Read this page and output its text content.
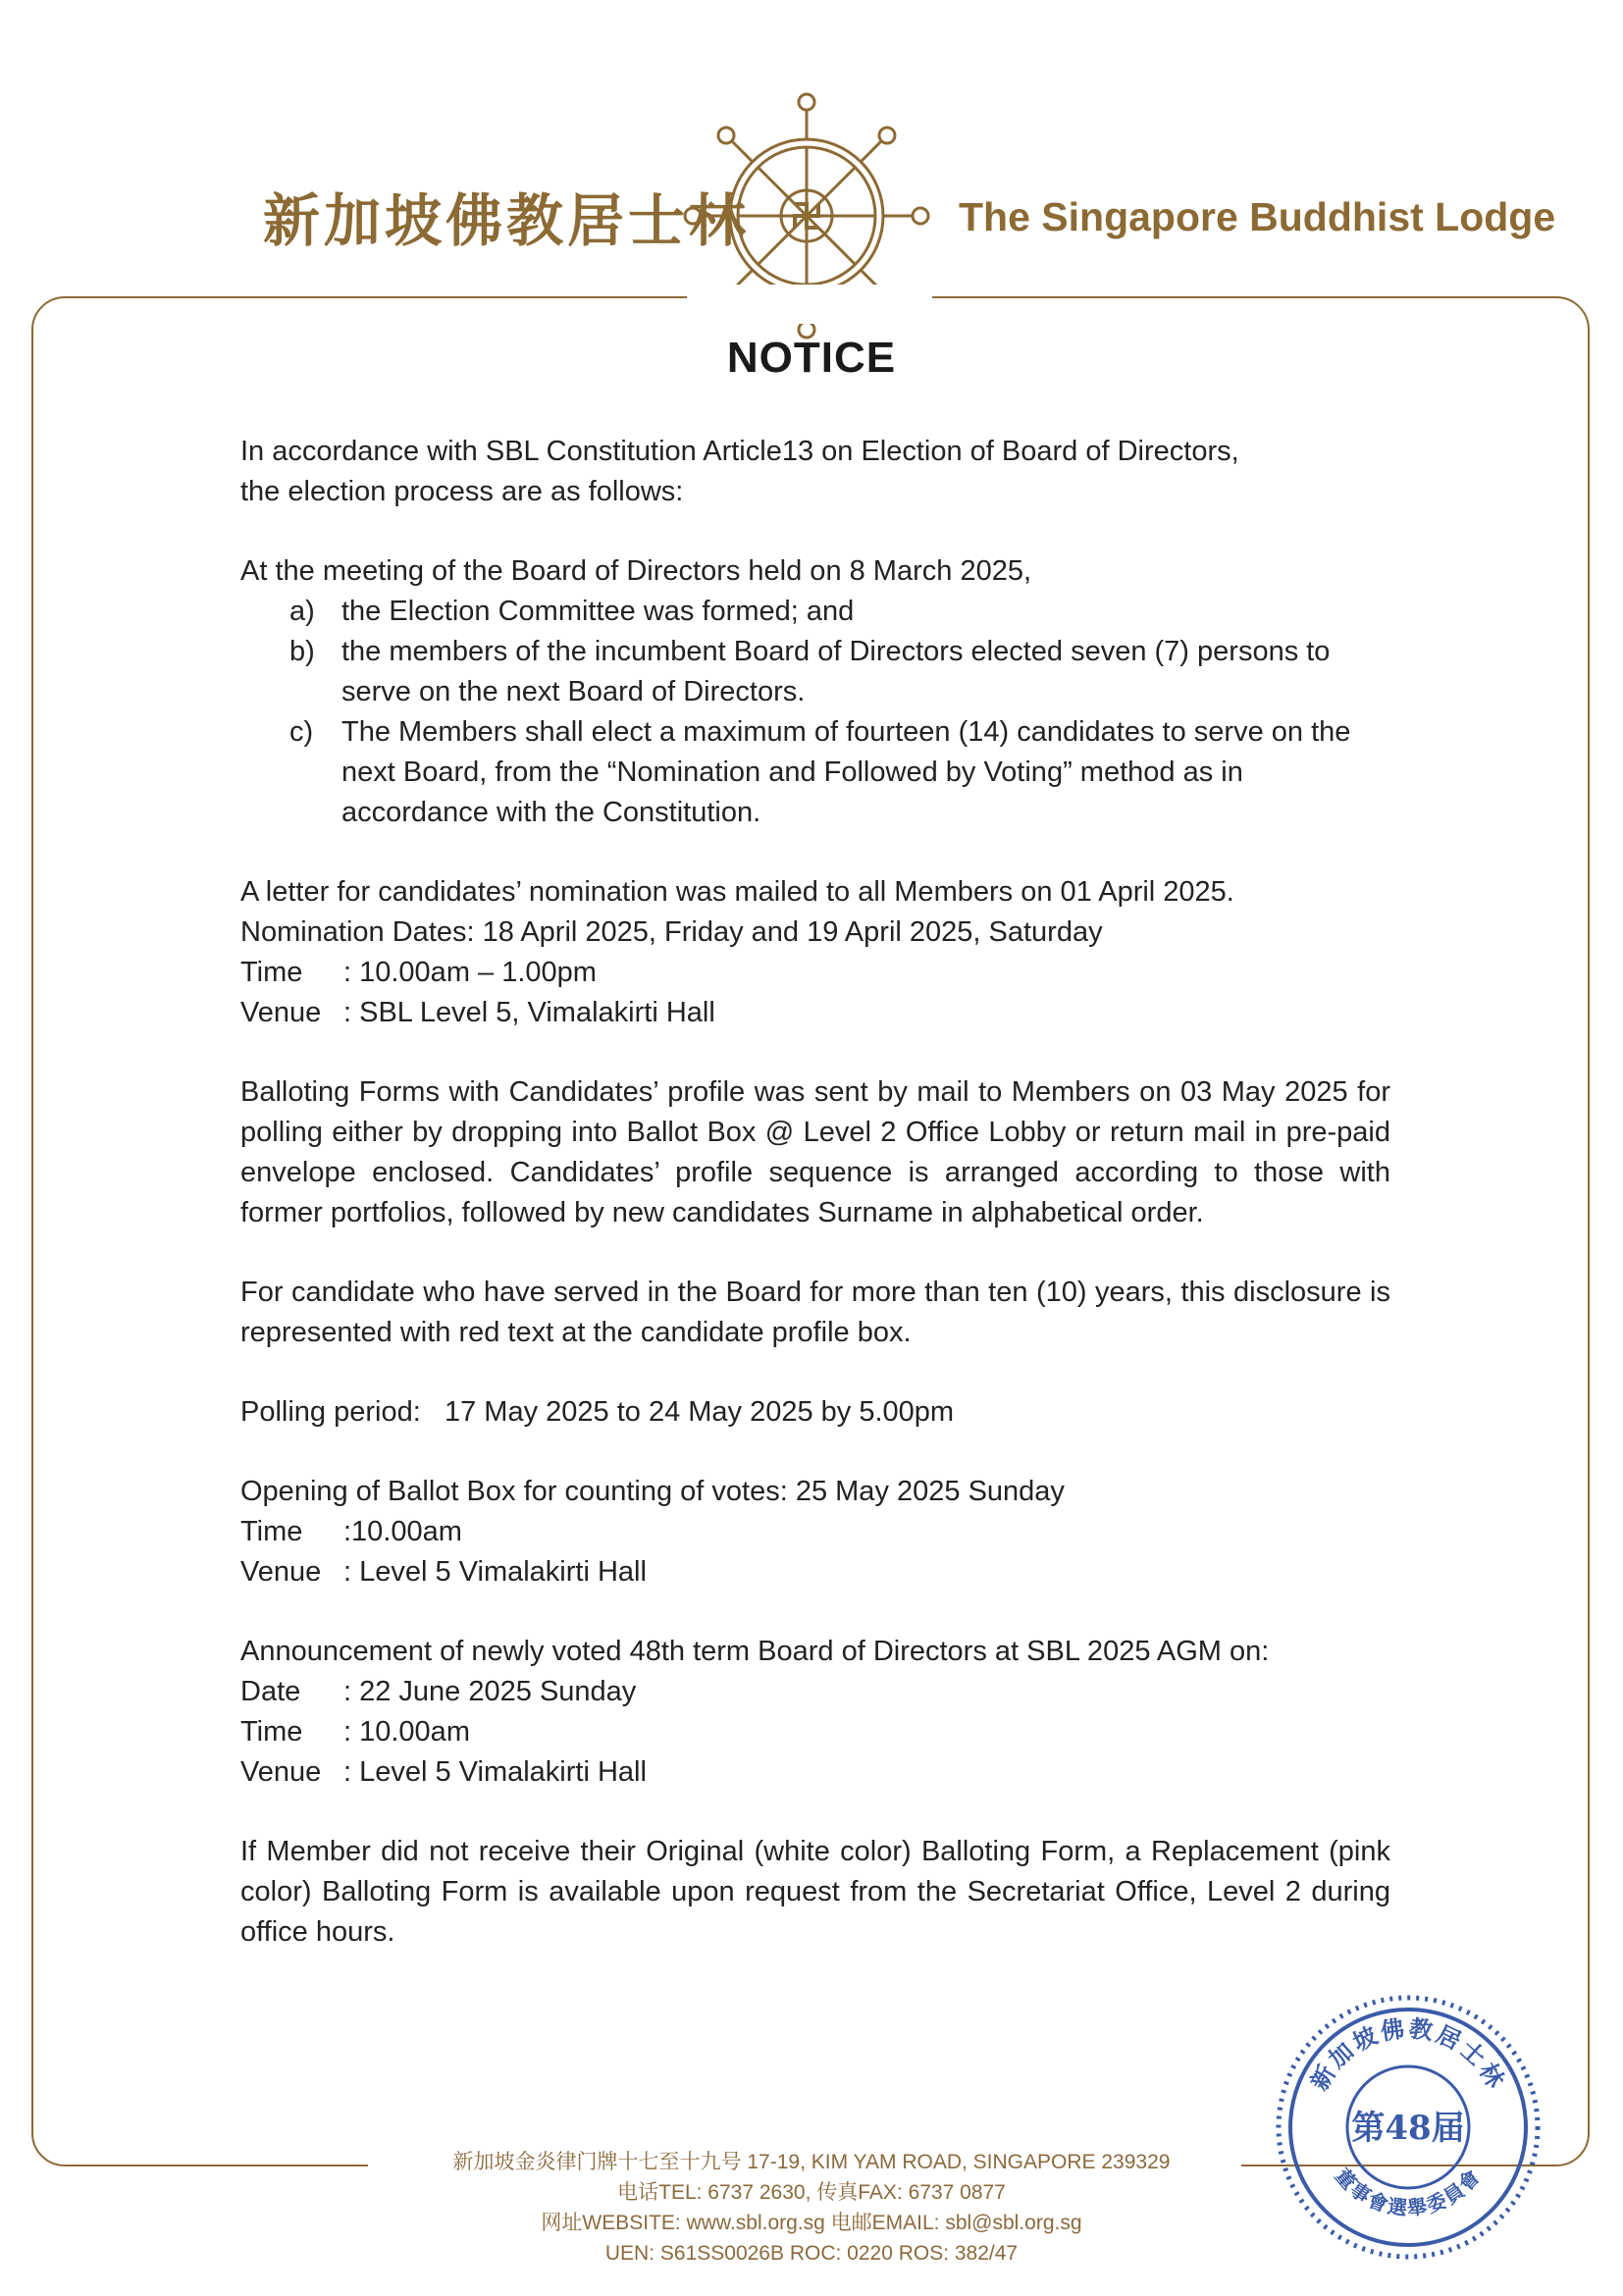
新加坡佛教居士林	The Singapore Buddhist Lodge
NOTICE

In accordance with SBL Constitution Article13 on Election of Board of Directors,

the election process are as follows:

At the meeting of the Board of Directors held on 8 March 2025,

a) the Election Committee was formed; and
b) the members of the incumbent Board of Directors elected seven (7) persons to serve on the next Board of Directors.
c) The Members shall elect a maximum of fourteen (14) candidates to serve on the next Board, from the “Nomination and Followed by Voting” method as in accordance with the Constitution.

A letter for candidates’ nomination was mailed to all Members on 01 April 2025.

Nomination Dates: 18 April 2025, Friday and 19 April 2025, Saturday

Time	: 10.00am – 1.00pm
Venue : SBL Level 5, Vimalakirti Hall

Balloting Forms with Candidates’ profile was sent by mail to Members on 03 May 2025 for polling either by dropping into Ballot Box @ Level 2 Office Lobby or return mail in pre-paid envelope enclosed. Candidates’ profile sequence is arranged according to those with former portfolios, followed by new candidates Surname in alphabetical order.

For candidate who have served in the Board for more than ten (10) years, this disclosure is represented with red text at the candidate profile box.

Polling period: 17 May 2025 to 24 May 2025 by 5.00pm

Opening of Ballot Box for counting of votes: 25 May 2025 Sunday

Time	:10.00am
Venue : Level 5 Vimalakirti Hall

Announcement of newly voted 48th term Board of Directors at SBL 2025 AGM on:

Date	: 22 June 2025 Sunday
Time	: 10.00am
Venue : Level 5 Vimalakirti Hall

If Member did not receive their Original (white color) Balloting Form, a Replacement (pink color) Balloting Form is available upon request from the Secretariat Office, Level 2 during office hours.

新加坡佛教居士林
董事會選舉委員會
第48届

新加坡金炎律门牌十七至十九号 17-19, KIM YAM ROAD, SINGAPORE 239329

电话TEL: 6737 2630, 传真FAX: 6737 0877

网址WEBSITE: www.sbl.org.sg 电邮EMAIL: sbl@sbl.org.sg

UEN: S61SS0026B ROC: 0220 ROS: 382/47
